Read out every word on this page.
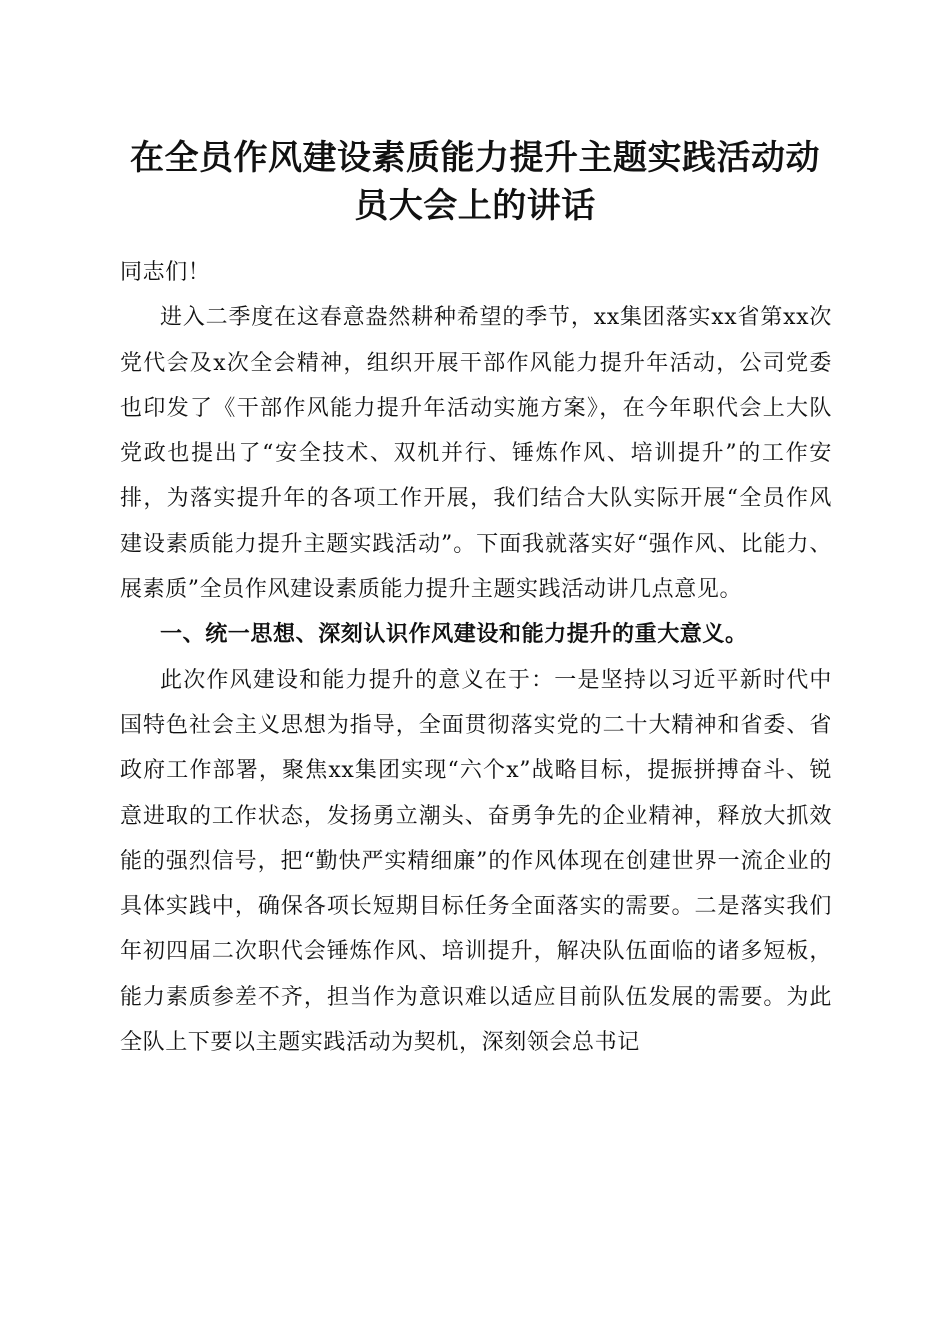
在全员作风建设素质能力提升主题实践活动动
员大会上的讲话

同志们！

进入二季度在这春意盎然耕种希望的季节，xx集团落实xx省第xx次党代会及x次全会精神，组织开展干部作风能力提升年活动，公司党委也印发了《干部作风能力提升年活动实施方案》，在今年职代会上大队党政也提出了“安全技术、双机并行、锤炼作风、培训提升”的工作安排，为落实提升年的各项工作开展，我们结合大队实际开展“全员作风建设素质能力提升主题实践活动”。下面我就落实好“强作风、比能力、展素质”全员作风建设素质能力提升主题实践活动讲几点意见。

一、统一思想、深刻认识作风建设和能力提升的重大意义。

此次作风建设和能力提升的意义在于：一是坚持以习近平新时代中国特色社会主义思想为指导，全面贯彻落实党的二十大精神和省委、省政府工作部署，聚焦xx集团实现“六个x”战略目标，提振拼搏奋斗、锐意进取的工作状态，发扬勇立潮头、奋勇争先的企业精神，释放大抓效能的强烈信号，把“勤快严实精细廉”的作风体现在创建世界一流企业的具体实践中，确保各项长短期目标任务全面落实的需要。二是落实我们年初四届二次职代会锤炼作风、培训提升，解决队伍面临的诸多短板，能力素质参差不齐，担当作为意识难以适应目前队伍发展的需要。为此全队上下要以主题实践活动为契机，深刻领会总书记
